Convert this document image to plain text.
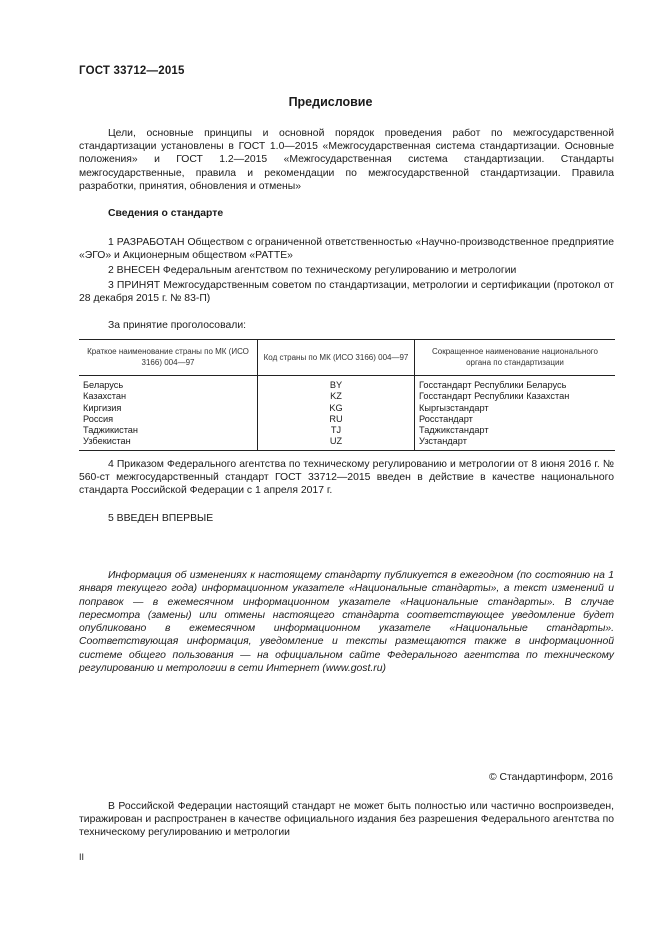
ГОСТ 33712—2015
Предисловие
Цели, основные принципы и основной порядок проведения работ по межгосударственной стандартизации установлены в ГОСТ 1.0—2015 «Межгосударственная система стандартизации. Основные положения» и ГОСТ 1.2—2015 «Межгосударственная система стандартизации. Стандарты межгосударственные, правила и рекомендации по межгосударственной стандартизации. Правила разработки, принятия, обновления и отмены»
Сведения о стандарте
1 РАЗРАБОТАН Обществом с ограниченной ответственностью «Научно-производственное предприятие «ЭГО» и Акционерным обществом «РАТТЕ»
2 ВНЕСЕН Федеральным агентством по техническому регулированию и метрологии
3 ПРИНЯТ Межгосударственным советом по стандартизации, метрологии и сертификации (протокол от 28 декабря 2015 г. № 83-П)
За принятие проголосовали:
Краткое наименование страны по МК (ИСО 3166) 004—97	Код страны по МК (ИСО 3166) 004—97	Сокращенное наименование национального органа по стандартизации
Беларусь	BY	Госстандарт Республики Беларусь
Казахстан	KZ	Госстандарт Республики Казахстан
Киргизия	KG	Кыргызстандарт
Россия	RU	Росстандарт
Таджикистан	TJ	Таджикстандарт
Узбекистан	UZ	Узстандарт
4 Приказом Федерального агентства по техническому регулированию и метрологии от 8 июня 2016 г. № 560-ст межгосударственный стандарт ГОСТ 33712—2015 введен в действие в качестве национального стандарта Российской Федерации с 1 апреля 2017 г.
5 ВВЕДЕН ВПЕРВЫЕ
Информация об изменениях к настоящему стандарту публикуется в ежегодном (по состоянию на 1 января текущего года) информационном указателе «Национальные стандарты», а текст изменений и поправок — в ежемесячном информационном указателе «Национальные стандарты». В случае пересмотра (замены) или отмены настоящего стандарта соответствующее уведомление будет опубликовано в ежемесячном информационном указателе «Национальные стандарты». Соответствующая информация, уведомление и тексты размещаются также в информационной системе общего пользования — на официальном сайте Федерального агентства по техническому регулированию и метрологии в сети Интернет (www.gost.ru)
© Стандартинформ, 2016
В Российской Федерации настоящий стандарт не может быть полностью или частично воспроизведен, тиражирован и распространен в качестве официального издания без разрешения Федерального агентства по техническому регулированию и метрологии
II
